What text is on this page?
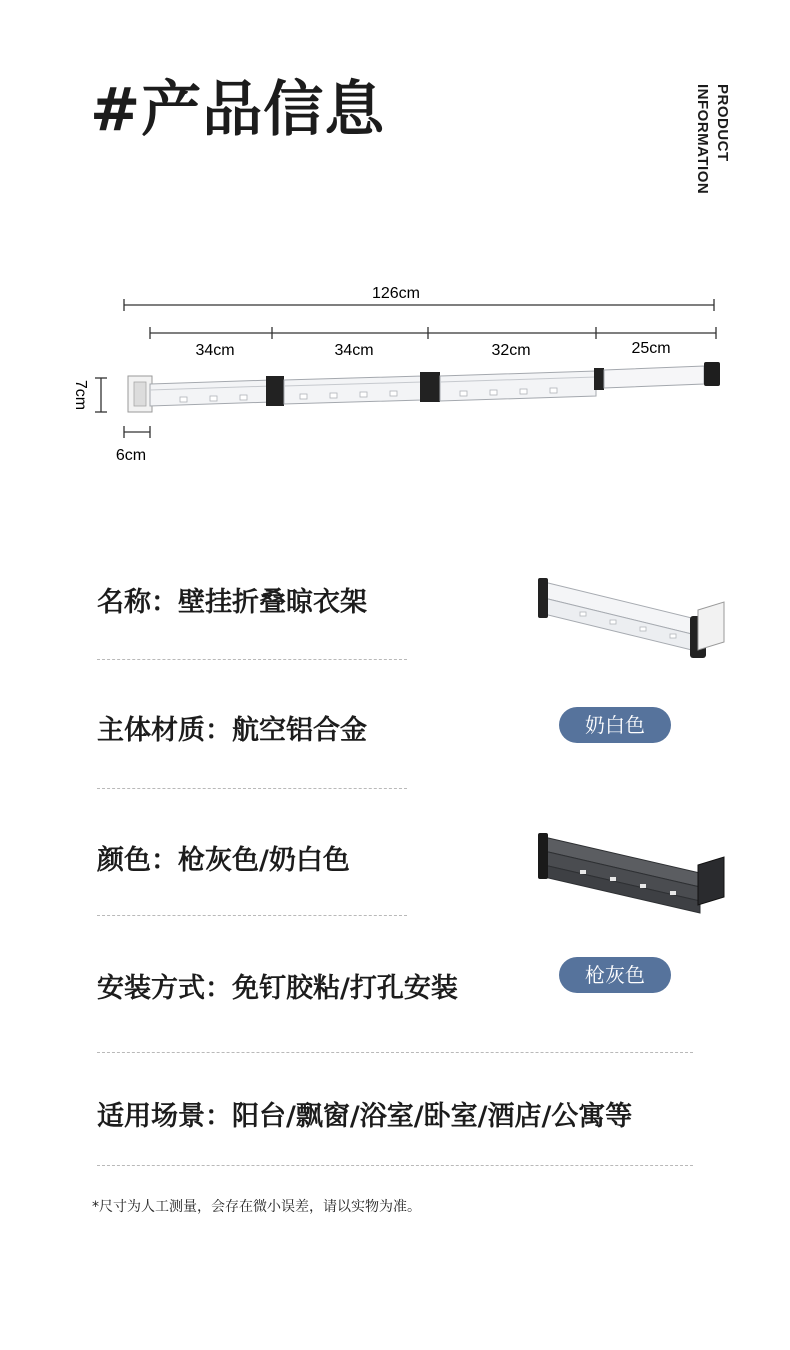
#产品信息	PRODUCT
INFORMATION
126cm
34cm	34cm	32cm	25cm
7cm
6cm
名称：壁挂折叠晾衣架
主体材质：航空铝合金
颜色：枪灰色/奶白色
安装方式：免钉胶粘/打孔安装
适用场景：阳台/飘窗/浴室/卧室/酒店/公寓等
奶白色
枪灰色
*尺寸为人工测量，会存在微小误差，请以实物为准。
